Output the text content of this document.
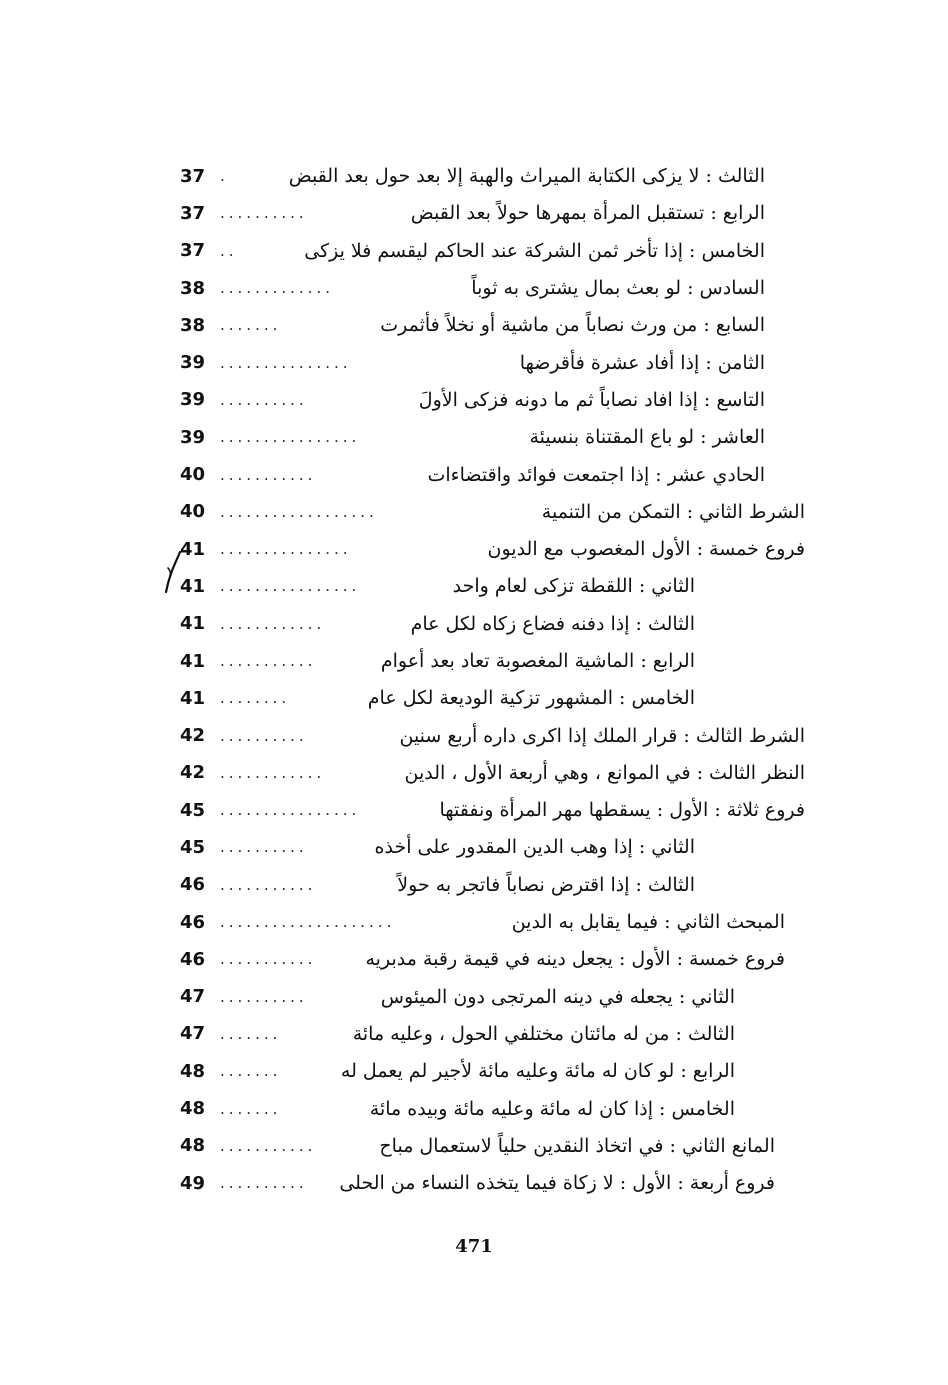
الثالث : لا يزكى الكتابة الميراث والهبة إلا بعد حول بعد القبض
.
37
الرابع : تستقبل المرأة بمهرها حولاً بعد القبض
..........
37
الخامس : إذا تأخر ثمن الشركة عند الحاكم ليقسم فلا يزكى
..
37
السادس : لو بعث بمال يشترى به ثوباً
.............
38
السابع : من ورث نصاباً من ماشية أو نخلاً فأثمرت
.......
38
الثامن : إذا أفاد عشرة فأقرضها
...............
39
التاسع : إذا افاد نصاباً ثم ما دونه فزكى الأولَ
..........
39
العاشر : لو باع المقتناة بنسيئة
................
39
الحادي عشر : إذا اجتمعت فوائد واقتضاءات
...........
40
الشرط الثاني : التمكن من التنمية
..................
40
فروع خمسة : الأول المغصوب مع الديون
...............
41
الثاني : اللقطة تزكى لعام واحد
................
41
الثالث : إذا دفنه فضاع زكاه لكل عام
............
41
الرابع : الماشية المغصوبة تعاد بعد أعوام
...........
41
الخامس : المشهور تزكية الوديعة لكل عام
........
41
الشرط الثالث : قرار الملك إذا اكرى داره أربع سنين
..........
42
النظر الثالث : في الموانع ، وهي أربعة الأول ، الدين
............
42
فروع ثلاثة : الأول : يسقطها مهر المرأة ونفقتها
................
45
الثاني : إذا وهب الدين المقدور على أخذه
..........
45
الثالث : إذا اقترض نصاباً فاتجر به حولاً
...........
46
المبحث الثاني : فيما يقابل به الدين
....................
46
فروع خمسة : الأول : يجعل دينه في قيمة رقبة مدبريه
...........
46
الثاني : يجعله في دينه المرتجى دون الميئوس
..........
47
الثالث : من له مائتان مختلفي الحول ، وعليه مائة
.......
47
الرابع : لو كان له مائة وعليه مائة لأجير لم يعمل له
.......
48
الخامس : إذا كان له مائة وعليه مائة وبيده مائة
.......
48
المانع الثاني : في اتخاذ النقدين حلياً لاستعمال مباح
...........
48
فروع أربعة : الأول : لا زكاة فيما يتخذه النساء من الحلى
..........
49
471
